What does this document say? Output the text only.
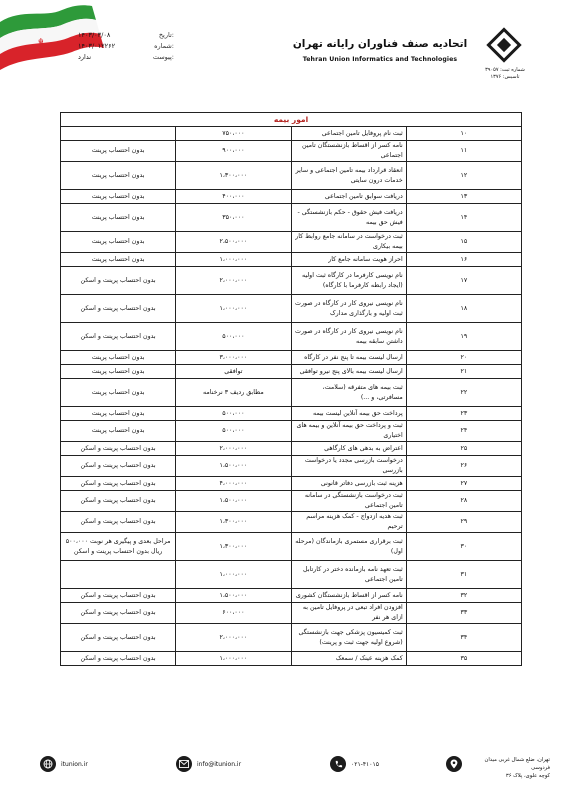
☬
تاریخ:
۱۴۰۳/۰۳/۰۸
شماره:
۱۴۰۳/۰۱۲۲۶۲
پیوست:
ندارد
اتحادیه صنف فناوران رایانه تهران
Tehran Union Informatics and Technologies
شماره ثبت: ۳۹۰۵۷
تاسیس: ۱۳۷۶
امور بیمه			
۱۰	ثبت نام پروفایل تامین اجتماعی	۷۵۰،۰۰۰	
۱۱	نامه کسر از اقساط بازنشستگان تامین اجتماعی	۹۰۰،۰۰۰	بدون احتساب پرینت
۱۲	انعقاد قرارداد بیمه تامین اجتماعی و سایر خدمات درون سایتی	۱،۳۰۰،۰۰۰	بدون احتساب پرینت
۱۳	دریافت سوابق تامین اجتماعی	۴۰۰،۰۰۰	بدون احتساب پرینت
۱۴	دریافت فیش حقوق - حکم بازنشستگی - فیش حق بیمه	۳۵۰،۰۰۰	بدون احتساب پرینت
۱۵	ثبت درخواست در سامانه جامع روابط کار بیمه بیکاری	۲،۵۰۰،۰۰۰	بدون احتساب پرینت
۱۶	احراز هویت سامانه جامع کار	۱،۰۰۰،۰۰۰	بدون احتساب پرینت
۱۷	نام نویسی کارفرما در کارگاه ثبت اولیه (ایجاد رابطه کارفرما با کارگاه)	۲،۰۰۰،۰۰۰	بدون احتساب پرینت و اسکن
۱۸	نام نویسی نیروی کار در کارگاه در صورت ثبت اولیه و بارگذاری مدارک	۱،۰۰۰،۰۰۰	بدون احتساب پرینت و اسکن
۱۹	نام نویسی نیروی کار در کارگاه در صورت داشتن سابقه بیمه	۵۰۰،۰۰۰	بدون احتساب پرینت و اسکن
۲۰	ارسال لیست بیمه تا پنج نفر در کارگاه	۳،۰۰۰،۰۰۰	بدون احتساب پرینت
۲۱	ارسال لیست بیمه بالای پنج نیرو توافقی	توافقی	بدون احتساب پرینت
۲۲	ثبت بیمه های متفرقه (سلامت، مسافرتی، و ...)	مطابق ردیف ۳ نرخنامه	بدون احتساب پرینت
۲۳	پرداخت حق بیمه آنلاین لیست بیمه	۵۰۰،۰۰۰	بدون احتساب پرینت
۲۴	ثبت و پرداخت حق بیمه آنلاین و بیمه های اختیاری	۵۰۰،۰۰۰	بدون احتساب پرینت
۲۵	اعتراض به بدهی های کارگاهی	۲،۰۰۰،۰۰۰	بدون احتساب پرینت و اسکن
۲۶	درخواست بازرسی مجدد یا درخواست بازرسی	۱،۵۰۰،۰۰۰	بدون احتساب پرینت و اسکن
۲۷	هزینه ثبت بازرسی دفاتر قانونی	۴،۰۰۰،۰۰۰	بدون احتساب پرینت و اسکن
۲۸	ثبت درخواست بازنشستگی در سامانه تامین اجتماعی	۱،۵۰۰،۰۰۰	بدون احتساب پرینت و اسکن
۲۹	ثبت هدیه ازدواج - کمک هزینه مراسم ترحیم	۱،۳۰۰،۰۰۰	بدون احتساب پرینت و اسکن
۳۰	ثبت برقراری مستمری بازماندگان (مرحله اول)	۱،۳۰۰،۰۰۰	مراحل بعدی و پیگیری هر نوبت ۵۰۰،۰۰۰ ریال بدون احتساب پرینت و اسکن
۳۱	ثبت تعهد نامه بازمانده دختر در کارتابل تامین اجتماعی	۱،۰۰۰،۰۰۰	
۳۲	نامه کسر از اقساط بازنشستگان کشوری	۱،۵۰۰،۰۰۰	بدون احتساب پرینت و اسکن
۳۳	افزودن افراد تبعی در پروفایل تامین به ازای هر نفر	۶۰۰،۰۰۰	بدون احتساب پرینت و اسکن
۳۴	ثبت کمیسیون پزشکی جهت بازنشستگی (شروع اولیه جهت ثبت و پرینت)	۲،۰۰۰،۰۰۰	بدون احتساب پرینت و اسکن
۳۵	کمک هزینه عینک / سمعک	۱،۰۰۰،۰۰۰	بدون احتساب پرینت و اسکن
itunion.ir	info@itunion.ir	۰۲۱-۴۱۰۱۵
تهران، ضلع شمال غربی میدان فردوسی
کوچه علوی، پلاک ۳۶
